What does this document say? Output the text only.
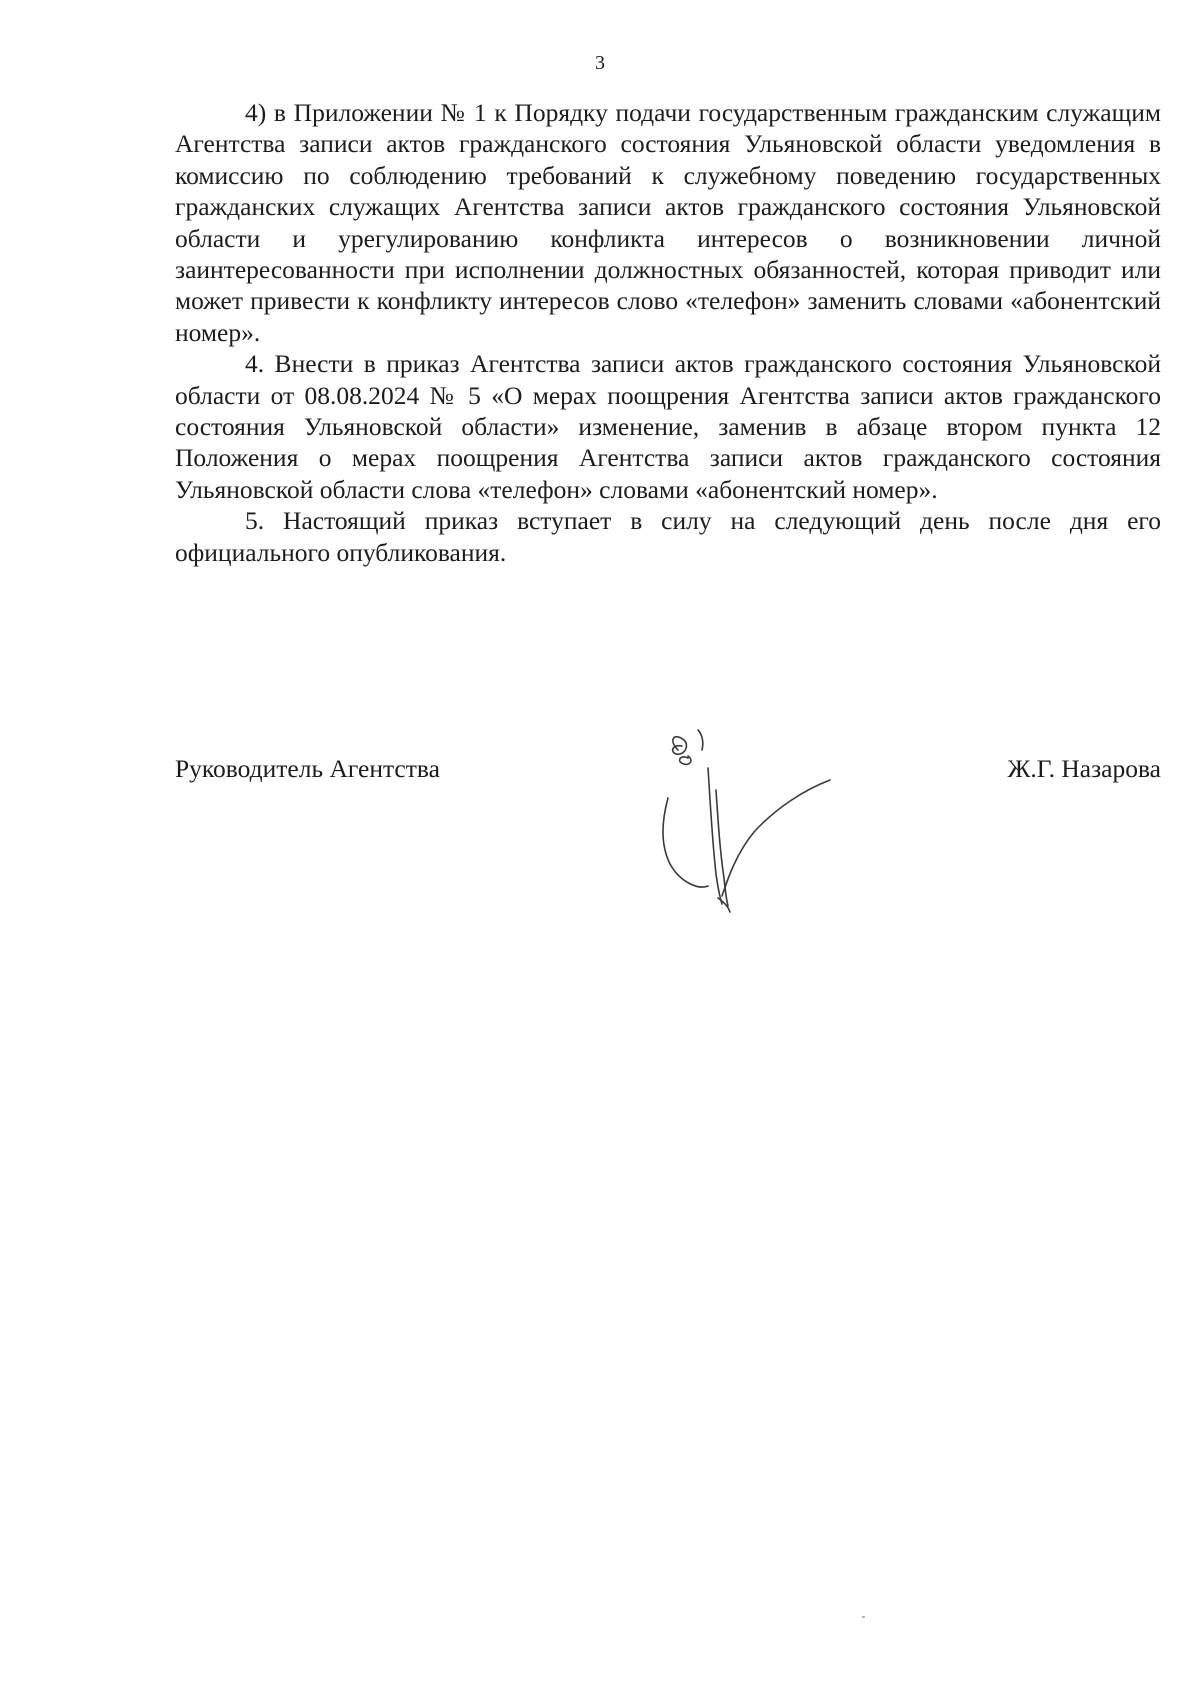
3

4) в Приложении № 1 к Порядку подачи государственным гражданским служащим Агентства записи актов гражданского состояния Ульяновской области уведомления в комиссию по соблюдению требований к служебному поведению государственных гражданских служащих Агентства записи актов гражданского состояния Ульяновской области и урегулированию конфликта интересов о возникновении личной заинтересованности при исполнении должностных обязанностей, которая приводит или может привести к конфликту интересов слово «телефон» заменить словами «абонентский номер».

4. Внести в приказ Агентства записи актов гражданского состояния Ульяновской области от 08.08.2024 № 5 «О мерах поощрения Агентства записи актов гражданского состояния Ульяновской области» изменение, заменив в абзаце втором пункта 12 Положения о мерах поощрения Агентства записи актов гражданского состояния Ульяновской области слова «телефон» словами «абонентский номер».

5. Настоящий приказ вступает в силу на следующий день после дня его официального опубликования.

Руководитель Агентства	Ж.Г. Назарова
